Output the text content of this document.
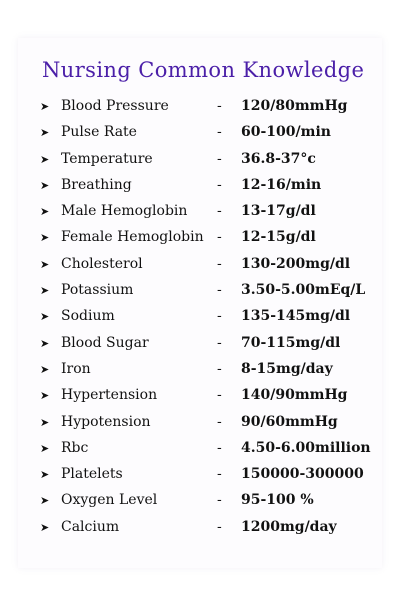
Nursing Common Knowledge
➤ Blood Pressure	- 120/80mmHg
➤ Pulse Rate	- 60-100/min
➤ Temperature	- 36.8-37°c
➤ Breathing	- 12-16/min
➤ Male Hemoglobin - 13-17g/dl
➤ Female Hemoglobin - 12-15g/dl
➤ Cholesterol	- 130-200mg/dl
➤ Potassium	- 3.50-5.00mEq/L
➤ Sodium	- 135-145mg/dl
➤ Blood Sugar	- 70-115mg/dl
➤ Iron	- 8-15mg/day
➤ Hypertension	- 140/90mmHg
➤ Hypotension	- 90/60mmHg
➤ Rbc	- 4.50-6.00million
➤ Platelets	- 150000-300000
➤ Oxygen Level	- 95-100 %
➤ Calcium	- 1200mg/day
